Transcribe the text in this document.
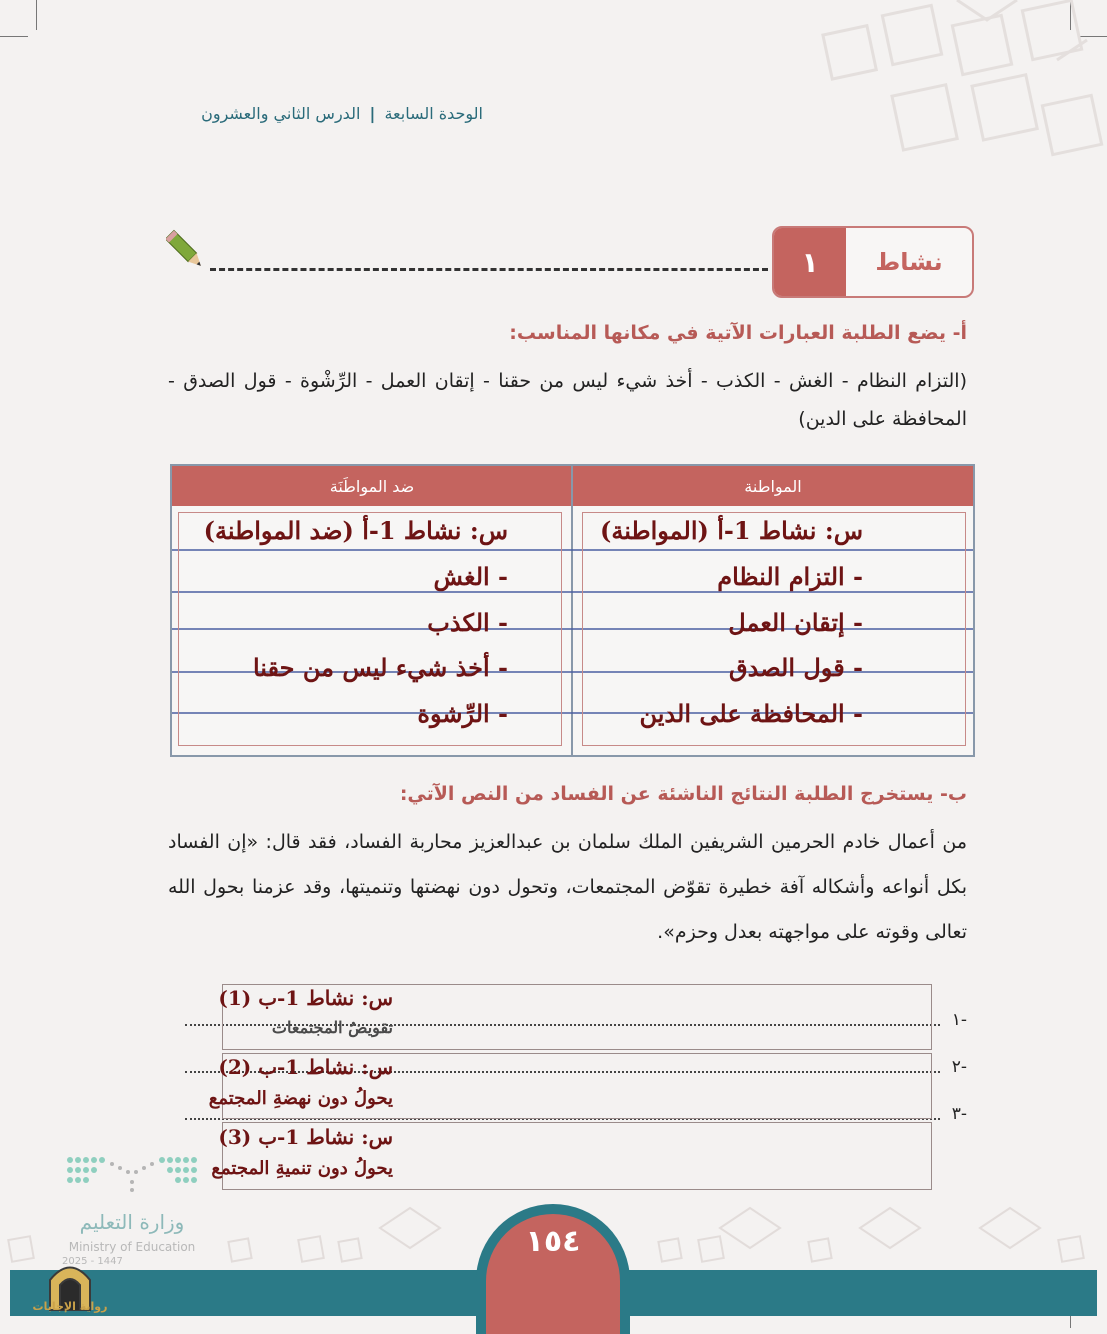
الوحدة السابعة | الدرس الثاني والعشرون
١	نشاط
أ- يضع الطلبة العبارات الآتية في مكانها المناسب:
(التزام النظام - الغش - الكذب - أخذ شيء ليس من حقنا - إتقان العمل - الرِّشْوة - قول الصدق - المحافظة على الدين)
المواطنة
ضد المواطَنَة
س: نشاط 1-أ (المواطنة)
- التزام النظام
- إتقان العمل
- قول الصدق
- المحافظة على الدين
س: نشاط 1-أ (ضد المواطنة)
- الغش
- الكذب
- أخذ شيء ليس من حقنا
- الرِّشوة
ب- يستخرج الطلبة النتائج الناشئة عن الفساد من النص الآتي:
من أعمال خادم الحرمين الشريفين الملك سلمان بن عبدالعزيز محاربة الفساد، فقد قال: «إن الفساد بكل أنواعه وأشكاله آفة خطيرة تقوّض المجتمعات، وتحول دون نهضتها وتنميتها، وقد عزمنا بحول الله تعالى وقوته على مواجهته بعدل وحزم».
-١
-٢
-٣
س: نشاط 1-ب (1)
تقويضُ المجتمعات
س: نشاط 1-ب (2)
يحولُ دون نهضةِ المجتمع
س: نشاط 1-ب (3)
يحولُ دون تنميةِ المجتمع
وزارة التعليم
Ministry of Education
2025 - 1447
١٥٤
رواية الإجابات
